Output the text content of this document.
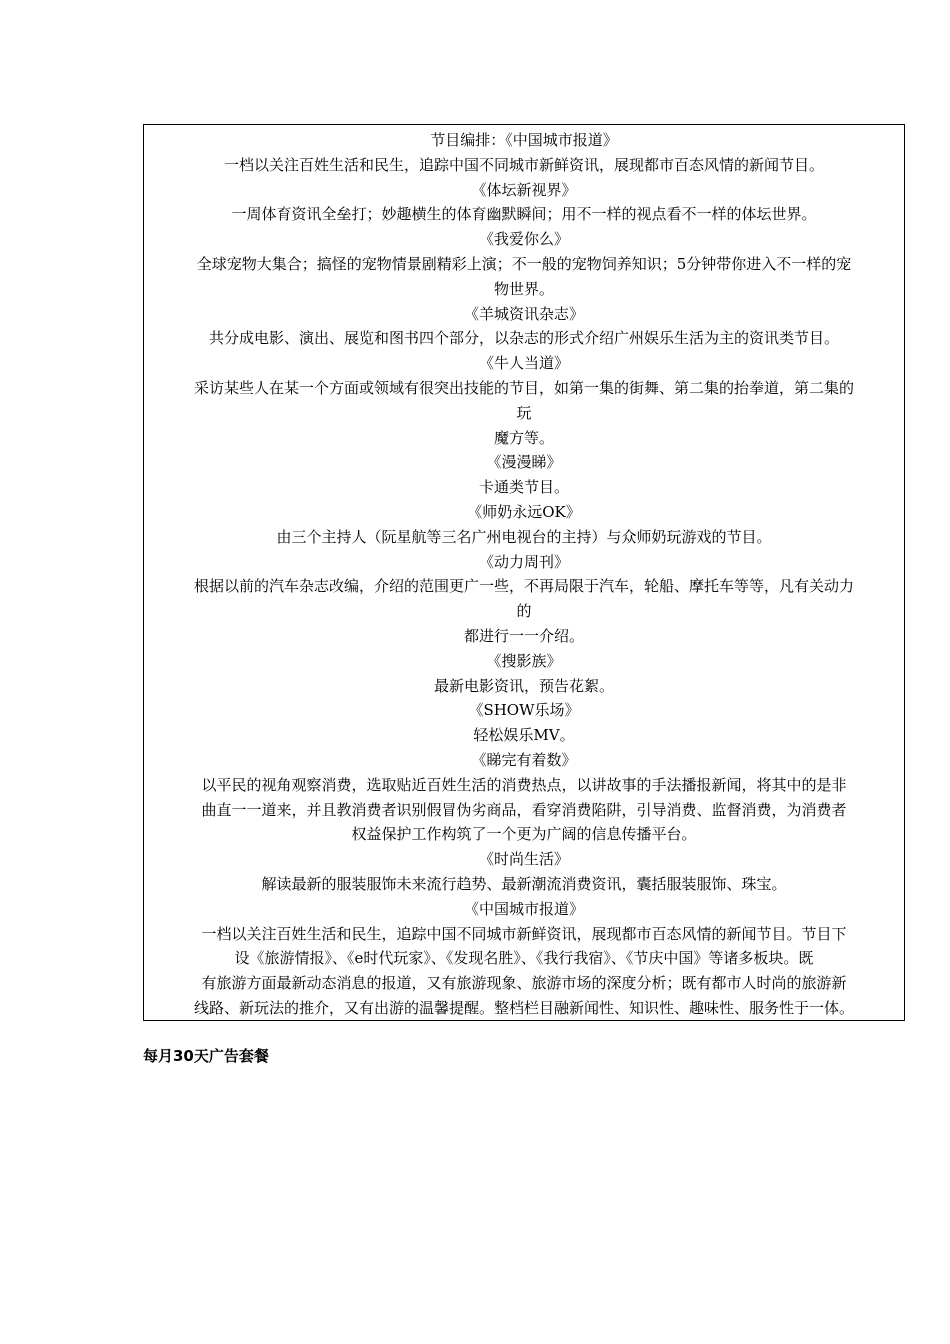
节目编排：《中国城市报道》
一档以关注百姓生活和民生，追踪中国不同城市新鲜资讯，展现都市百态风情的新闻节目。
《体坛新视界》
一周体育资讯全垒打；妙趣横生的体育幽默瞬间；用不一样的视点看不一样的体坛世界。
《我爱你么》
全球宠物大集合；搞怪的宠物情景剧精彩上演；不一般的宠物饲养知识；5分钟带你进入不一样的宠
物世界。
《羊城资讯杂志》
共分成电影、演出、展览和图书四个部分，以杂志的形式介绍广州娱乐生活为主的资讯类节目。
《牛人当道》
采访某些人在某一个方面或领域有很突出技能的节目，如第一集的街舞、第二集的抬拳道，第二集的
玩
魔方等。
《漫漫睇》
卡通类节目。
《师奶永远OK》
由三个主持人（阮星航等三名广州电视台的主持）与众师奶玩游戏的节目。
《动力周刊》
根据以前的汽车杂志改编，介绍的范围更广一些，不再局限于汽车，轮船、摩托车等等，凡有关动力
的
都进行一一介绍。
《搜影族》
最新电影资讯，预告花絮。
《SHOW乐场》
轻松娱乐MV。
《睇完有着数》
以平民的视角观察消费，选取贴近百姓生活的消费热点，以讲故事的手法播报新闻，将其中的是非
曲直一一道来，并且教消费者识别假冒伪劣商品，看穿消费陷阱，引导消费、监督消费，为消费者
权益保护工作构筑了一个更为广阔的信息传播平台。
《时尚生活》
解读最新的服装服饰未来流行趋势、最新潮流消费资讯，囊括服装服饰、珠宝。
《中国城市报道》
一档以关注百姓生活和民生，追踪中国不同城市新鲜资讯，展现都市百态风情的新闻节目。节目下
设《旅游情报》、《e时代玩家》、《发现名胜》、《我行我宿》、《节庆中国》等诸多板块。既
有旅游方面最新动态消息的报道，又有旅游现象、旅游市场的深度分析；既有都市人时尚的旅游新
线路、新玩法的推介，又有出游的温馨提醒。整档栏目融新闻性、知识性、趣味性、服务性于一体。
每月30天广告套餐
